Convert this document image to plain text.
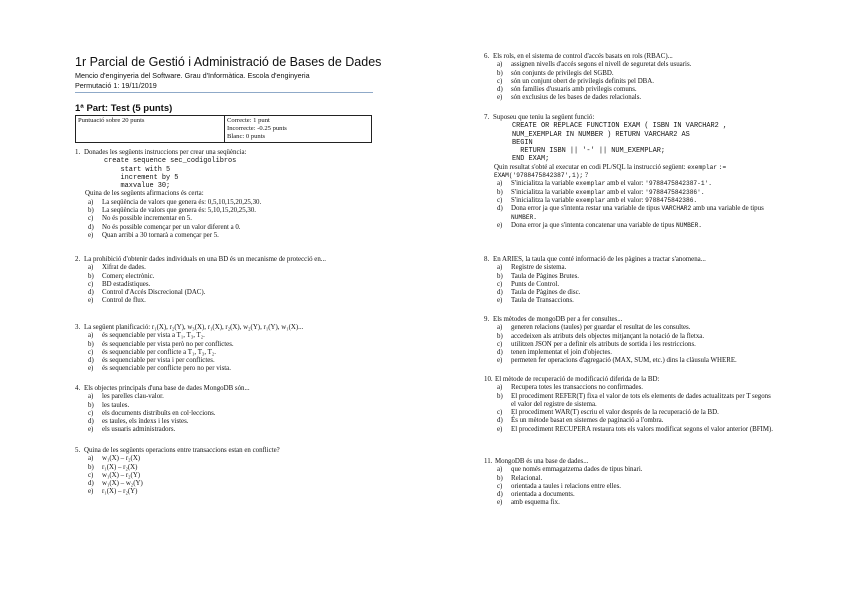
1r Parcial de Gestió i Administració de Bases de Dades
Mencio d'enginyeria del Software. Grau d'Informàtica. Escola d'enginyeria
Permutació 1: 19/11/2019
1ª Part: Test (5 punts)
Puntuació sobre 20 punts	Correcte: 1 punt
Incorrecte: -0.25 punts
Blanc: 0 punts
1. Donades les següents instruccions per crear una seqüència:
create sequence sec_codigolibros
start with 5
increment by 5
maxvalue 30;
Quina de les següents afirmacions és certa:
a)	La seqüència de valors que genera és: 0,5,10,15,20,25,30.
b)	La seqüència de valors que genera és: 5,10,15,20,25,30.
c)	No és possible incrementar en 5.
d)	No és possible començar per un valor diferent a 0.
e)	Quan arribi a 30 tornarà a començar per 5.
2. La prohibició d'obtenir dades individuals en una BD és un mecanisme de protecció en...
a)	Xifrat de dades.
b)	Comerç electrònic.
c)	BD estadístiques.
d)	Control d'Accés Discrecional (DAC).
e)	Control de flux.
3. La següent planificació: r₁(X), r₂(Y), w₃(X), r₁(X), r₂(X), w₂(Y), r₁(Y), w₁(X)...
a)	és sequenciable per vista a T₁, T₃, T₂.
b)	és sequenciable per vista però no per conflictes.
c)	és sequenciable per conflicte a T₁, T₃, T₂.
d)	és sequenciable per vista i per conflictes.
e)	és sequenciable per conflicte pero no per vista.
4. Els objectes principals d'una base de dades MongoDB són...
a)	les parelles clau-valor.
b)	les taules.
c)	els documents distribuïts en col·leccions.
d)	es taules, els índexs i les vistes.
e)	els usuaris administradors.
5. Quina de les següents operacions entre transaccions estan en conflicte?
a)	w₁(X) – r₂(X)
b)	r₁(X) – r₂(X)
c)	w₁(X) – r₂(Y)
d)	w₁(X) – w₂(Y)
e)	r₁(X) – r₂(Y)
6. Els rols, en el sistema de control d'accés basats en rols (RBAC)...
a)	assignen nivells d'accés segons el nivell de seguretat dels usuaris.
b)	són conjunts de privilegis del SGBD.
c)	són un conjunt obert de privilegis definits pel DBA.
d)	són famílies d'usuaris amb privilegis comuns.
e)	són exclusius de les bases de dades relacionals.
7. Suposeu que teniu la següent funció:
CREATE OR REPLACE FUNCTION EXAM ( ISBN IN VARCHAR2 ,
NUM_EXEMPLAR IN NUMBER ) RETURN VARCHAR2 AS
BEGIN
RETURN ISBN || '-' || NUM_EXEMPLAR;
END EXAM;
Quin resultat s'obté al executar en codi PL/SQL la instrucció següent: exemplar := EXAM('9788475842387',1); ?
a)	S'inicialitza la variable exemplar amb el valor: '9788475842387-1'.
b)	S'inicialitza la variable exemplar amb el valor: '9788475842386'.
c)	S'inicialitza la variable exemplar amb el valor: 9788475842386.
d)	Dona error ja que s'intenta restar una variable de tipus VARCHAR2 amb una variable de tipus NUMBER.
e)	Dona error ja que s'intenta concatenar una variable de tipus NUMBER.
8. En ARIES, la taula que conté informació de les pàgines a tractar s'anomena...
a)	Registre de sistema.
b)	Taula de Pàgines Brutes.
c)	Punts de Control.
d)	Taula de Pàgines de disc.
e)	Taula de Transaccions.
9. Els mètodes de mongoDB per a fer consultes...
a)	generen relacions (taules) per guardar el resultat de les consultes.
b)	accedeixen als atributs dels objectes mitjançant la notació de la fletxa.
c)	utilitzen JSON per a definir els atributs de sortida i les restriccions.
d)	tenen implementat el join d'objectes.
e)	permeten fer operacions d'agregació (MAX, SUM, etc.) dins la clàusula WHERE.
10. El mètode de recuperació de modificació diferida de la BD:
a)	Recupera totes les transaccions no confirmades.
b)	El procediment REFER(T) fixa el valor de tots els elements de dades actualitzats per T segons el valor del registre de sistema.
c)	El procediment WAR(T) escriu el valor després de la recuperació de la BD.
d)	És un mètode basat en sistemes de paginació a l'ombra.
e)	El procediment RECUPERA restaura tots els valors modificat segons el valor anterior (BFIM).
11. MongoDB és una base de dades...
a)	que només emmagatzema dades de tipus binari.
b)	Relacional.
c)	orientada a taules i relacions entre elles.
d)	orientada a documents.
e)	amb esquema fix.
